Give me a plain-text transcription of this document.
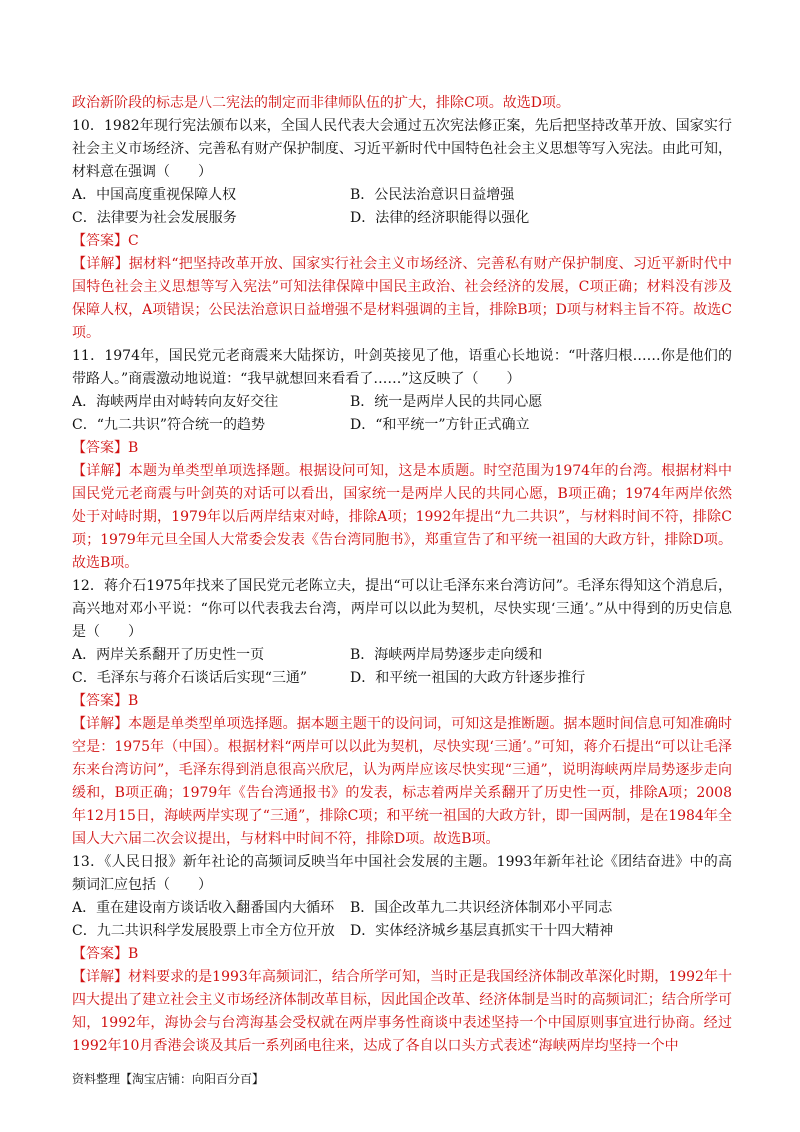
政治新阶段的标志是八二宪法的制定而非律师队伍的扩大，排除C项。故选D项。

10．1982年现行宪法颁布以来，全国人民代表大会通过五次宪法修正案，先后把坚持改革开放、国家实行社会主义市场经济、完善私有财产保护制度、习近平新时代中国特色社会主义思想等写入宪法。由此可知，材料意在强调（　　）

A．中国高度重视保障人权	B．公民法治意识日益增强
C．法律要为社会发展服务	D．法律的经济职能得以强化

【答案】C

【详解】据材料“把坚持改革开放、国家实行社会主义市场经济、完善私有财产保护制度、习近平新时代中国特色社会主义思想等写入宪法”可知法律保障中国民主政治、社会经济的发展，C项正确；材料没有涉及保障人权，A项错误；公民法治意识日益增强不是材料强调的主旨，排除B项；D项与材料主旨不符。故选C项。

11．1974年，国民党元老商震来大陆探访，叶剑英接见了他，语重心长地说：“叶落归根……你是他们的带路人。”商震激动地说道：“我早就想回来看看了……”这反映了（　　）

A．海峡两岸由对峙转向友好交往	B．统一是两岸人民的共同心愿
C．“九二共识”符合统一的趋势	D．“和平统一”方针正式确立

【答案】B

【详解】本题为单类型单项选择题。根据设问可知，这是本质题。时空范围为1974年的台湾。根据材料中国民党元老商震与叶剑英的对话可以看出，国家统一是两岸人民的共同心愿，B项正确；1974年两岸依然处于对峙时期，1979年以后两岸结束对峙，排除A项；1992年提出“九二共识”，与材料时间不符，排除C项；1979年元旦全国人大常委会发表《告台湾同胞书》，郑重宣告了和平统一祖国的大政方针，排除D项。故选B项。

12．蒋介石1975年找来了国民党元老陈立夫，提出“可以让毛泽东来台湾访问”。毛泽东得知这个消息后，高兴地对邓小平说：“你可以代表我去台湾，两岸可以以此为契机，尽快实现‘三通’。”从中得到的历史信息是（　　）

A．两岸关系翻开了历史性一页	B．海峡两岸局势逐步走向缓和
C．毛泽东与蒋介石谈话后实现“三通”	D．和平统一祖国的大政方针逐步推行

【答案】B

【详解】本题是单类型单项选择题。据本题主题干的设问词，可知这是推断题。据本题时间信息可知准确时空是：1975年（中国）。根据材料“两岸可以以此为契机，尽快实现‘三通’。”可知，蒋介石提出“可以让毛泽东来台湾访问”，毛泽东得到消息很高兴欣尼，认为两岸应该尽快实现“三通”，说明海峡两岸局势逐步走向缓和，B项正确；1979年《告台湾通报书》的发表，标志着两岸关系翻开了历史性一页，排除A项；2008年12月15日，海峡两岸实现了“三通”，排除C项；和平统一祖国的大政方针，即一国两制，是在1984年全国人大六届二次会议提出，与材料中时间不符，排除D项。故选B项。

13．《人民日报》新年社论的高频词反映当年中国社会发展的主题。1993年新年社论《团结奋进》中的高频词汇应包括（　　）

A．重在建设南方谈话收入翻番国内大循环	B．国企改革九二共识经济体制邓小平同志
C．九二共识科学发展股票上市全方位开放	D．实体经济城乡基层真抓实干十四大精神

【答案】B

【详解】材料要求的是1993年高频词汇，结合所学可知，当时正是我国经济体制改革深化时期，1992年十四大提出了建立社会主义市场经济体制改革目标，因此国企改革、经济体制是当时的高频词汇；结合所学可知，1992年，海协会与台湾海基会受权就在两岸事务性商谈中表述坚持一个中国原则事宜进行协商。经过1992年10月香港会谈及其后一系列函电往来，达成了各自以口头方式表述“海峡两岸均坚持一个中

资料整理【淘宝店铺：向阳百分百】
